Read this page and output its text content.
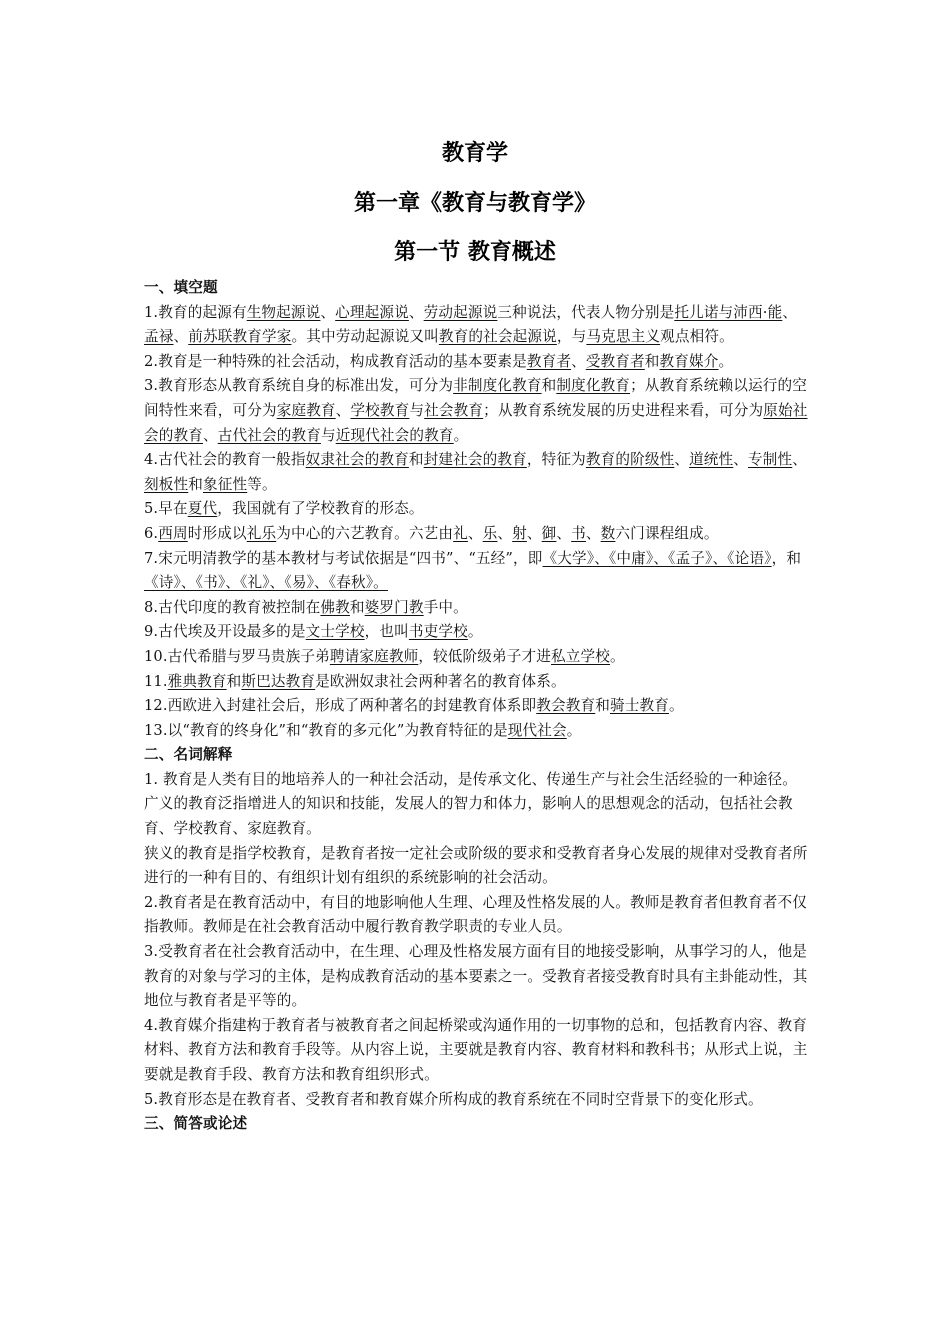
教育学
第一章《教育与教育学》
第一节 教育概述

一、填空题

1.教育的起源有生物起源说、心理起源说、劳动起源说三种说法，代表人物分别是托儿诺与沛西·能、孟禄、前苏联教育学家。其中劳动起源说又叫教育的社会起源说，与马克思主义观点相符。

2.教育是一种特殊的社会活动，构成教育活动的基本要素是教育者、受教育者和教育媒介。

3.教育形态从教育系统自身的标准出发，可分为非制度化教育和制度化教育；从教育系统赖以运行的空间特性来看，可分为家庭教育、学校教育与社会教育；从教育系统发展的历史进程来看，可分为原始社会的教育、古代社会的教育与近现代社会的教育。

4.古代社会的教育一般指奴隶社会的教育和封建社会的教育，特征为教育的阶级性、道统性、专制性、刻板性和象征性等。

5.早在夏代，我国就有了学校教育的形态。

6.西周时形成以礼乐为中心的六艺教育。六艺由礼、乐、射、御、书、数六门课程组成。

7.宋元明清教学的基本教材与考试依据是“四书”、“五经”，即《大学》、《中庸》、《孟子》、《论语》，和《诗》、《书》、《礼》、《易》、《春秋》。

8.古代印度的教育被控制在佛教和婆罗门教手中。

9.古代埃及开设最多的是文士学校，也叫书吏学校。

10.古代希腊与罗马贵族子弟聘请家庭教师，较低阶级弟子才进私立学校。

11.雅典教育和斯巴达教育是欧洲奴隶社会两种著名的教育体系。

12.西欧进入封建社会后，形成了两种著名的封建教育体系即教会教育和骑士教育。

13.以“教育的终身化”和“教育的多元化”为教育特征的是现代社会。

二、名词解释

1. 教育是人类有目的地培养人的一种社会活动，是传承文化、传递生产与社会生活经验的一种途径。

广义的教育泛指增进人的知识和技能，发展人的智力和体力，影响人的思想观念的活动，包括社会教育、学校教育、家庭教育。

狭义的教育是指学校教育，是教育者按一定社会或阶级的要求和受教育者身心发展的规律对受教育者所进行的一种有目的、有组织计划有组织的系统影响的社会活动。

2.教育者是在教育活动中，有目的地影响他人生理、心理及性格发展的人。教师是教育者但教育者不仅指教师。教师是在社会教育活动中履行教育教学职责的专业人员。

3.受教育者在社会教育活动中，在生理、心理及性格发展方面有目的地接受影响，从事学习的人，他是教育的对象与学习的主体，是构成教育活动的基本要素之一。受教育者接受教育时具有主卦能动性，其地位与教育者是平等的。

4.教育媒介指建构于教育者与被教育者之间起桥梁或沟通作用的一切事物的总和，包括教育内容、教育材料、教育方法和教育手段等。从内容上说，主要就是教育内容、教育材料和教科书；从形式上说，主要就是教育手段、教育方法和教育组织形式。

5.教育形态是在教育者、受教育者和教育媒介所构成的教育系统在不同时空背景下的变化形式。

三、简答或论述
